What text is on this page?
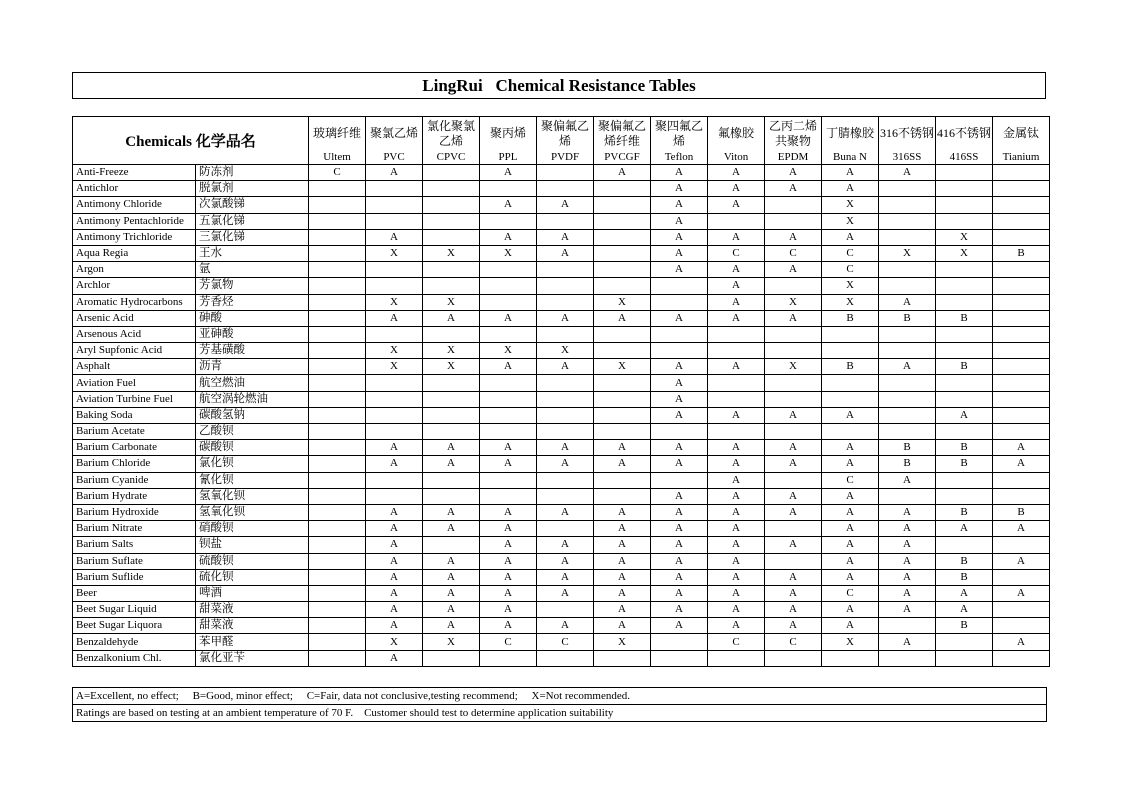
LingRui   Chemical Resistance Tables
Chemicals 化学品名		玻璃纤维	聚氯乙烯	氯化聚氯乙烯	聚丙烯	聚偏氟乙烯	聚偏氟乙烯纤维	聚四氟乙烯	氟橡胶	乙丙二烯共聚物	丁腈橡胶	316不锈钢	416不锈钢	金属钛
		Ultem	PVC	CPVC	PPL	PVDF	PVCGF	Teflon	Viton	EPDM	Buna N	316SS	416SS	Tianium
Anti-Freeze	防冻剂	C	A		A		A	A	A	A	A	A		
Antichlor	脱氯剂							A	A	A	A			
Antimony Chloride	次氯酸锑				A	A		A	A		X			
Antimony Pentachloride	五氯化锑							A			X			
Antimony Trichloride	三氯化锑		A		A	A		A	A	A	A		X	
Aqua Regia	王水		X	X	X	A		A	C	C	C	X	X	B
Argon	氩							A	A	A	C			
Archlor	芳氯物								A		X			
Aromatic Hydrocarbons	芳香烃		X	X			X		A	X	X	A		
Arsenic Acid	砷酸		A	A	A	A	A	A	A	A	B	B	B	
Arsenous Acid	亚砷酸													
Aryl Supfonic Acid	芳基磺酸		X	X	X	X								
Asphalt	沥青		X	X	A	A	X	A	A	X	B	A	B	
Aviation Fuel	航空燃油							A						
Aviation Turbine Fuel	航空涡轮燃油							A						
Baking Soda	碳酸氢钠							A	A	A	A		A	
Barium Acetate	乙酸钡													
Barium Carbonate	碳酸钡		A	A	A	A	A	A	A	A	A	B	B	A
Barium Chloride	氯化钡		A	A	A	A	A	A	A	A	A	B	B	A
Barium Cyanide	氰化钡								A		C	A		
Barium Hydrate	氢氧化钡							A	A	A	A			
Barium Hydroxide	氢氧化钡		A	A	A	A	A	A	A	A	A	A	B	B
Barium Nitrate	硝酸钡		A	A	A		A	A	A		A	A	A	A
Barium Salts	钡盐		A		A	A	A	A	A	A	A	A		
Barium Suflate	硫酸钡		A	A	A	A	A	A	A		A	A	B	A
Barium Suflide	硫化钡		A	A	A	A	A	A	A	A	A	A	B	
Beer	啤酒		A	A	A	A	A	A	A	A	C	A	A	A
Beet Sugar Liquid	甜菜液		A	A	A		A	A	A	A	A	A	A	
Beet Sugar Liquora	甜菜液		A	A	A	A	A	A	A	A	A		B	
Benzaldehyde	苯甲醛		X	X	C	C	X		C	C	X	A		A
Benzalkonium Chl.	氯化亚苄		A											
A=Excellent, no effect;     B=Good, minor effect;     C=Fair, data not conclusive,testing recommend;     X=Not recommended.
Ratings are based on testing at an ambient temperature of 70 F.    Customer should test to determine application suitability
